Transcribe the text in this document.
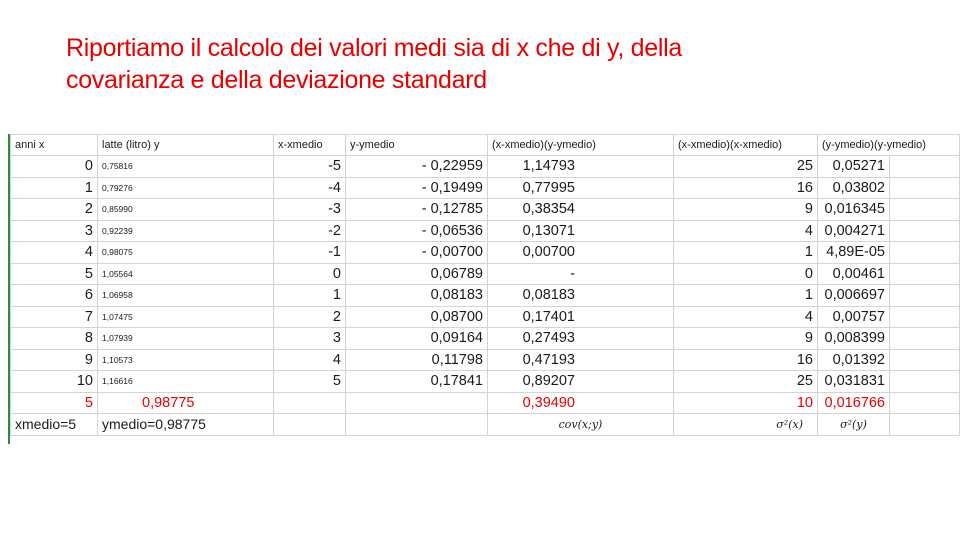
Riportiamo il calcolo dei valori medi sia di x che di y, della
covarianza e della deviazione standard
anni x	latte (litro) y	x-xmedio	y-ymedio	(x-xmedio)(y-ymedio)	(x-xmedio)(x-xmedio)	(y-ymedio)(y-ymedio)	
0	0,75816	-5	- 0,22959	1,14793	25	0,05271	
1	0,79276	-4	- 0,19499	0,77995	16	0,03802	
2	0,85990	-3	- 0,12785	0,38354	9	0,016345	
3	0,92239	-2	- 0,06536	0,13071	4	0,004271	
4	0,98075	-1	- 0,00700	0,00700	1	4,89E-05	
5	1,05564	0	0,06789	-	0	0,00461	
6	1,06958	1	0,08183	0,08183	1	0,006697	
7	1,07475	2	0,08700	0,17401	4	0,00757	
8	1,07939	3	0,09164	0,27493	9	0,008399	
9	1,10573	4	0,11798	0,47193	16	0,01392	
10	1,16616	5	0,17841	0,89207	25	0,031831	
5	0,98775			0,39490	10	0,016766	
xmedio=5	ymedio=0,98775			cov(x;y)	σ²(x)	σ²(y)	
